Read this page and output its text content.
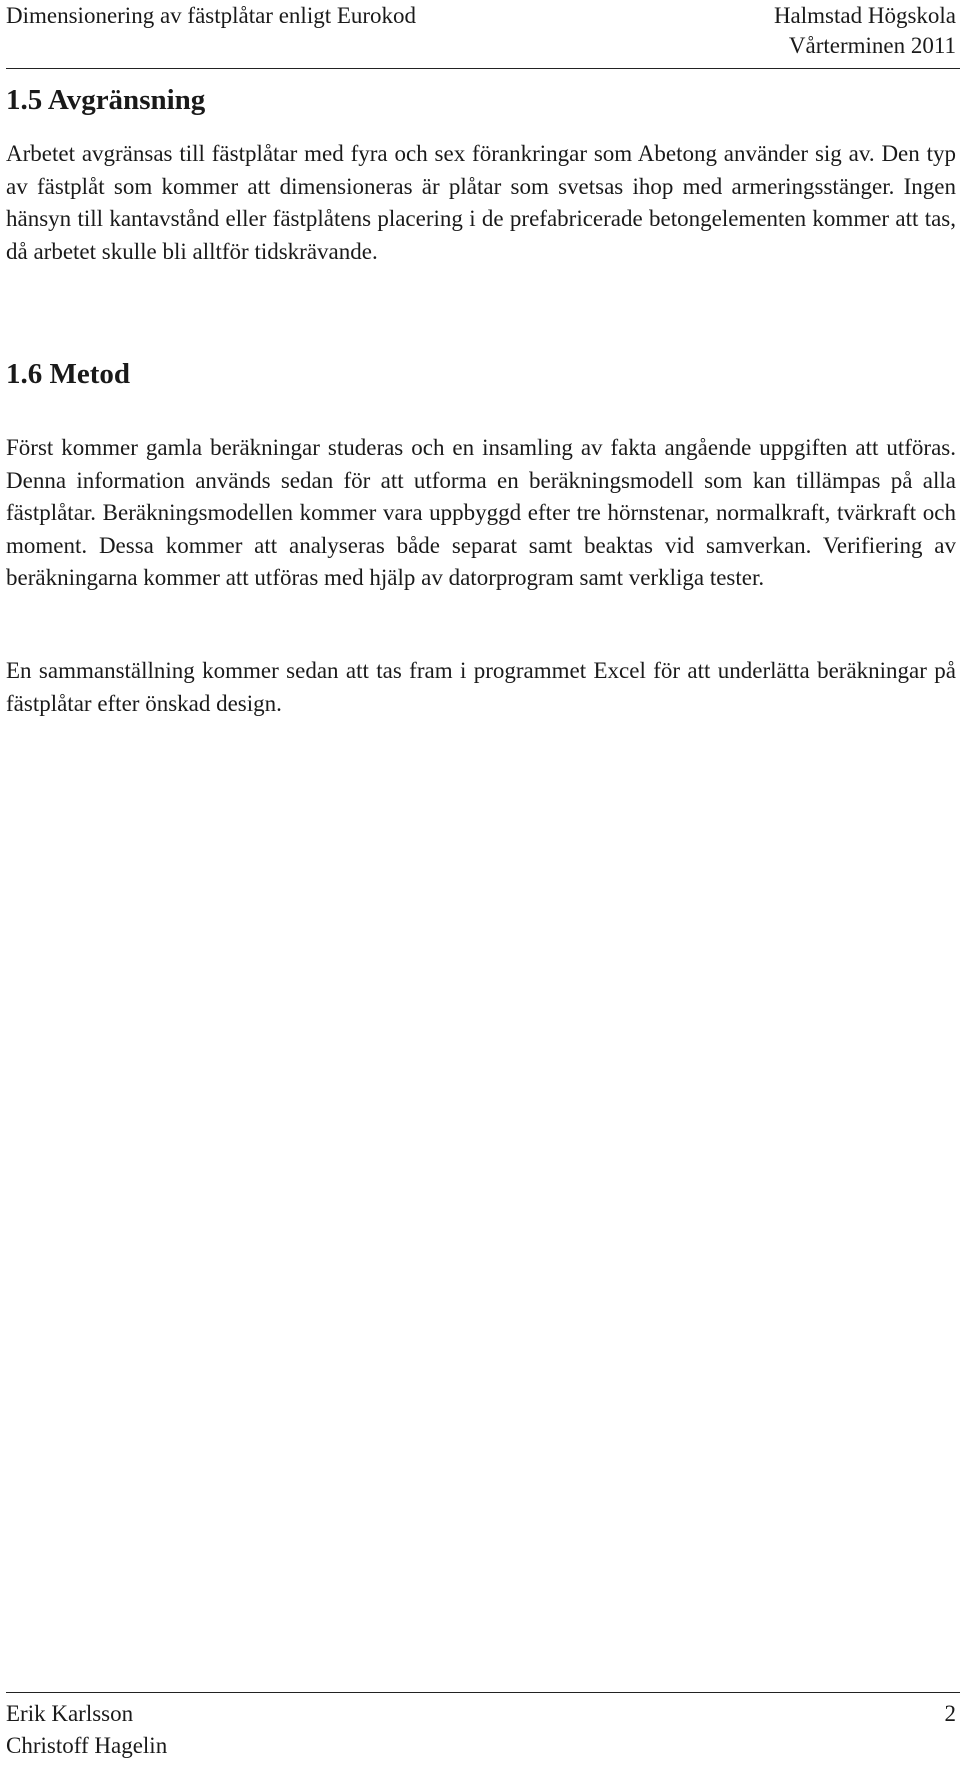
Dimensionering av fästplåtar enligt Eurokod	Halmstad Högskola
Vårterminen 2011
1.5 Avgränsning
Arbetet avgränsas till fästplåtar med fyra och sex förankringar som Abetong använder sig av. Den typ av fästplåt som kommer att dimensioneras är plåtar som svetsas ihop med armeringsstänger. Ingen hänsyn till kantavstånd eller fästplåtens placering i de prefabricerade betongelementen kommer att tas, då arbetet skulle bli alltför tidskrävande.
1.6 Metod
Först kommer gamla beräkningar studeras och en insamling av fakta angående uppgiften att utföras. Denna information används sedan för att utforma en beräkningsmodell som kan tillämpas på alla fästplåtar. Beräkningsmodellen kommer vara uppbyggd efter tre hörnstenar, normalkraft, tvärkraft och moment. Dessa kommer att analyseras både separat samt beaktas vid samverkan. Verifiering av beräkningarna kommer att utföras med hjälp av datorprogram samt verkliga tester.
En sammanställning kommer sedan att tas fram i programmet Excel för att underlätta beräkningar på fästplåtar efter önskad design.
Erik Karlsson
Christoff Hagelin
2
